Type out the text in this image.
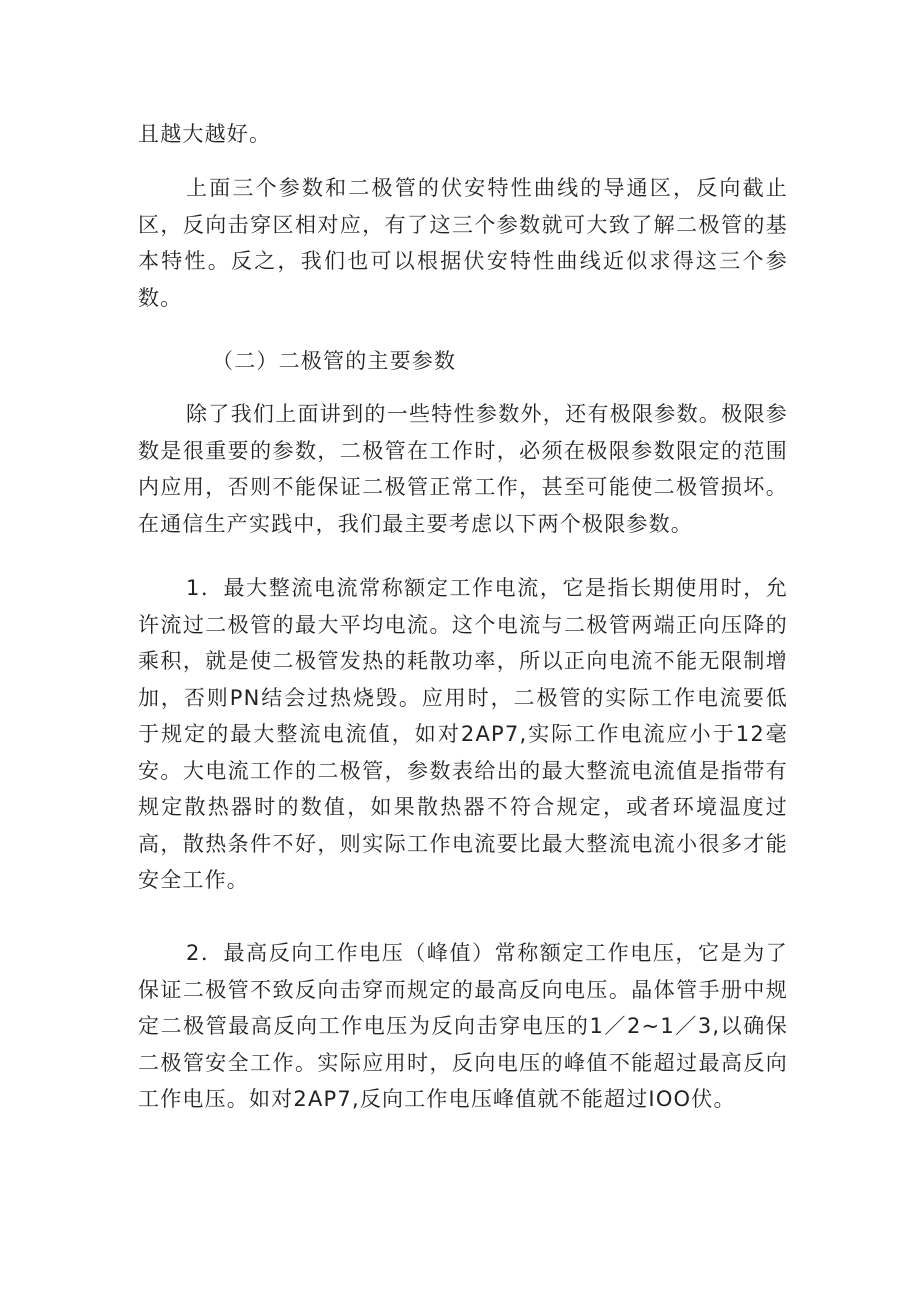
且越大越好。

上面三个参数和二极管的伏安特性曲线的导通区，反向截止区，反向击穿区相对应，有了这三个参数就可大致了解二极管的基本特性。反之，我们也可以根据伏安特性曲线近似求得这三个参数。

（二）二极管的主要参数

除了我们上面讲到的一些特性参数外，还有极限参数。极限参数是很重要的参数，二极管在工作时，必须在极限参数限定的范围内应用，否则不能保证二极管正常工作，甚至可能使二极管损坏。在通信生产实践中，我们最主要考虑以下两个极限参数。

1．最大整流电流常称额定工作电流，它是指长期使用时，允许流过二极管的最大平均电流。这个电流与二极管两端正向压降的乘积，就是使二极管发热的耗散功率，所以正向电流不能无限制增加，否则PN结会过热烧毁。应用时，二极管的实际工作电流要低于规定的最大整流电流值，如对2AP7,实际工作电流应小于12毫安。大电流工作的二极管，参数表给出的最大整流电流值是指带有规定散热器时的数值，如果散热器不符合规定，或者环境温度过高，散热条件不好，则实际工作电流要比最大整流电流小很多才能安全工作。

2．最高反向工作电压（峰值）常称额定工作电压，它是为了保证二极管不致反向击穿而规定的最高反向电压。晶体管手册中规定二极管最高反向工作电压为反向击穿电压的1／2~1／3,以确保二极管安全工作。实际应用时，反向电压的峰值不能超过最高反向工作电压。如对2AP7,反向工作电压峰值就不能超过IOO伏。
